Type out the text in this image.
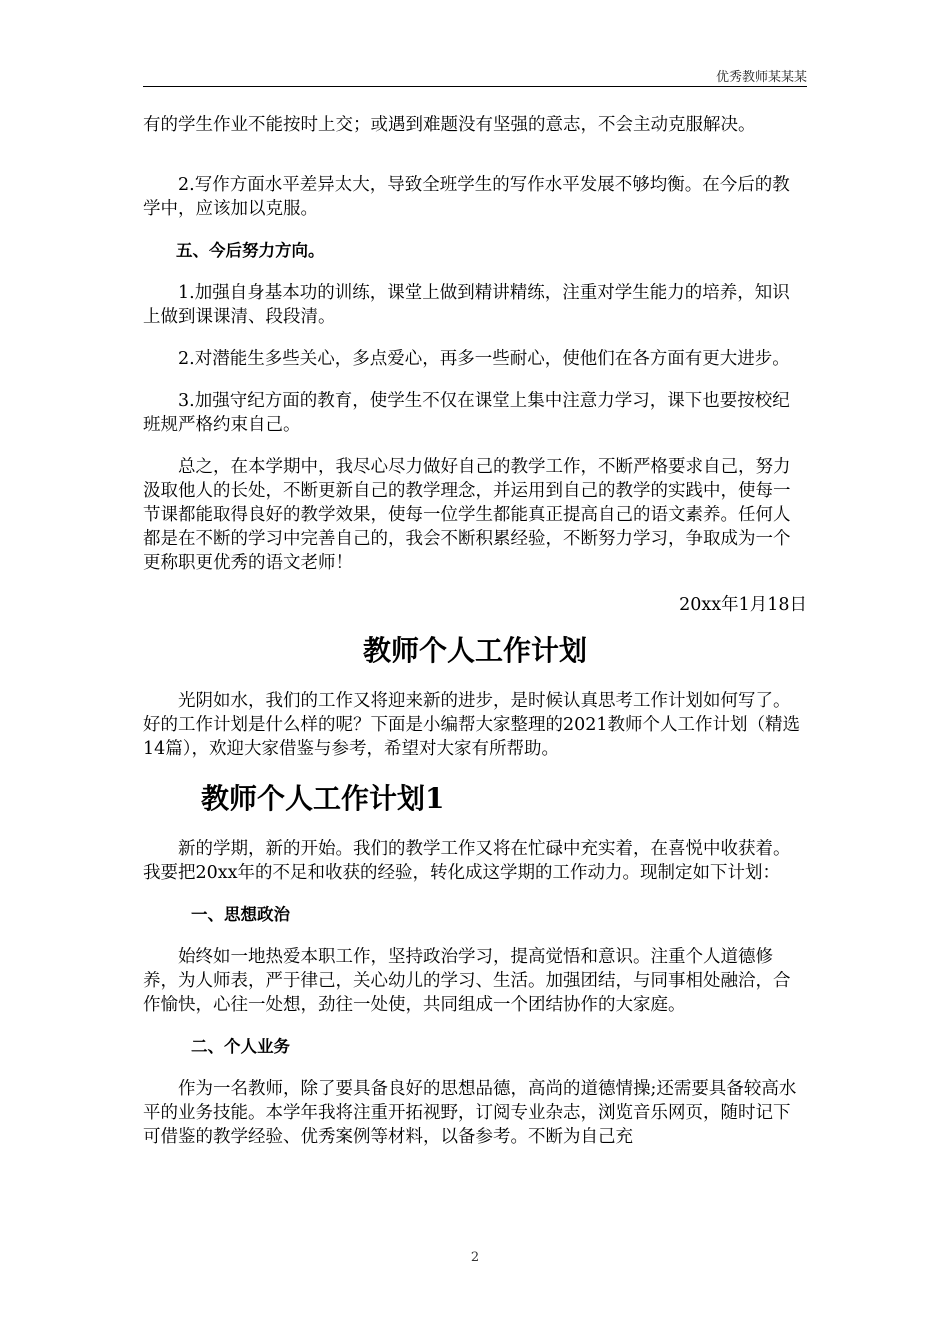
优秀教师某某某

有的学生作业不能按时上交；或遇到难题没有坚强的意志，不会主动克服解决。

2.写作方面水平差异太大，导致全班学生的写作水平发展不够均衡。在今后的教学中，应该加以克服。

五、今后努力方向。

1.加强自身基本功的训练，课堂上做到精讲精练，注重对学生能力的培养，知识上做到课课清、段段清。

2.对潜能生多些关心，多点爱心，再多一些耐心，使他们在各方面有更大进步。

3.加强守纪方面的教育，使学生不仅在课堂上集中注意力学习，课下也要按校纪班规严格约束自己。

总之，在本学期中，我尽心尽力做好自己的教学工作，不断严格要求自己，努力汲取他人的长处，不断更新自己的教学理念，并运用到自己的教学的实践中，使每一节课都能取得良好的教学效果，使每一位学生都能真正提高自己的语文素养。任何人都是在不断的学习中完善自己的，我会不断积累经验，不断努力学习，争取成为一个更称职更优秀的语文老师！

20xx年1月18日

教师个人工作计划

光阴如水，我们的工作又将迎来新的进步，是时候认真思考工作计划如何写了。好的工作计划是什么样的呢？下面是小编帮大家整理的2021教师个人工作计划（精选14篇），欢迎大家借鉴与参考，希望对大家有所帮助。

教师个人工作计划1

新的学期，新的开始。我们的教学工作又将在忙碌中充实着，在喜悦中收获着。我要把20xx年的不足和收获的经验，转化成这学期的工作动力。现制定如下计划：

一、思想政治

始终如一地热爱本职工作，坚持政治学习，提高觉悟和意识。注重个人道德修养，为人师表，严于律己，关心幼儿的学习、生活。加强团结，与同事相处融洽，合作愉快，心往一处想，劲往一处使，共同组成一个团结协作的大家庭。

二、个人业务

作为一名教师，除了要具备良好的思想品德，高尚的道德情操;还需要具备较高水平的业务技能。本学年我将注重开拓视野，订阅专业杂志，浏览音乐网页，随时记下可借鉴的教学经验、优秀案例等材料，以备参考。不断为自己充

2
